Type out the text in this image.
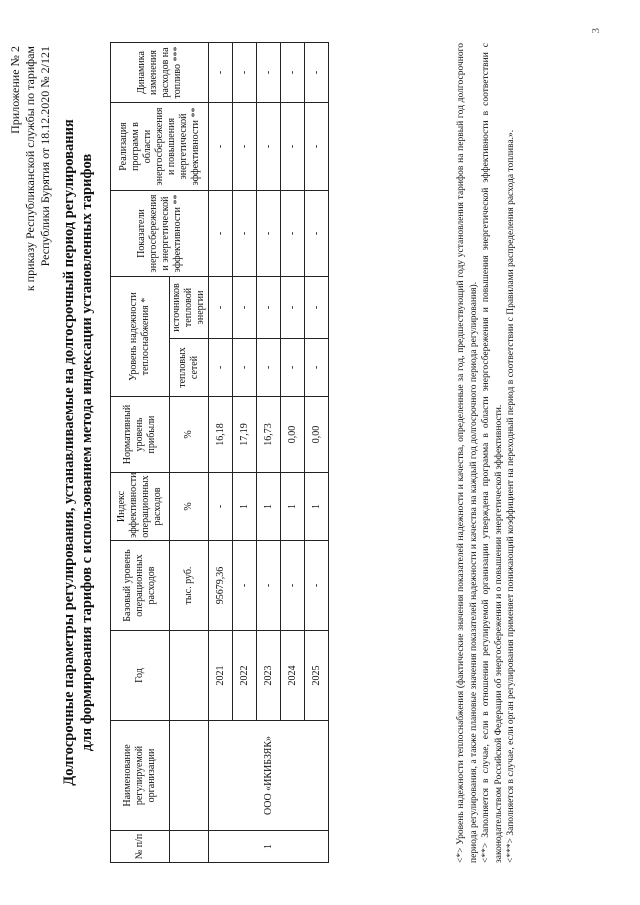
Приложение № 2 к приказу Республиканской службы по тарифам Республики Бурятия от 18.12.2020 № 2/121 Долгосрочные параметры регулирования, устанавливаемые на долгосрочный период регулирования для формирования тарифов с использованием метода индексации установленных тарифов
№ п/п	Наименование регулируемой организации	Год	Базовый уровень операционных расходов	Индекс эффективности операционных расходов	Нормативный уровень прибыли	Уровень надежности теплоснабжения *		Показатели энергосбережения и энергетической эффективности **	Реализация программ в области энергосбережения и повышения энергетической эффективности **	Динамика изменения расходов на топливо ***
						тепловых сетей	источников тепловой энергии			
			тыс. руб.	%	%					
1	ООО «ИКИБЗЯК»	2021	95679,36	-	16,18	-	-	-	-	-
		2022	-	1	17,19	-	-	-	-	-
		2023	-	1	16,73	-	-	-	-	-
		2024	-	1	0,00	-	-	-	-	-
		2025	-	1	0,00	-	-	-	-	-	<*> Уровень надежности теплоснабжения (фактические значения показателей надежности и качества, определенные за год, предшествующий году установления тарифов на первый год долгосрочного периода регулирования, а также плановые значения показателей надежности и качества на каждый год долгосрочного периода регулирования). <**> Заполняется в случае, если в отношении регулируемой организации утверждена программа в области энергосбережения и повышения энергетической эффективности в соответствии с законодательством Российской Федерации об энергосбережении и о повышении энергетической эффективности. <***> Заполняется в случае, если орган регулирования применяет понижающий коэффициент на переходный период в соответствии с Правилами распределения расхода топлива.».

3
